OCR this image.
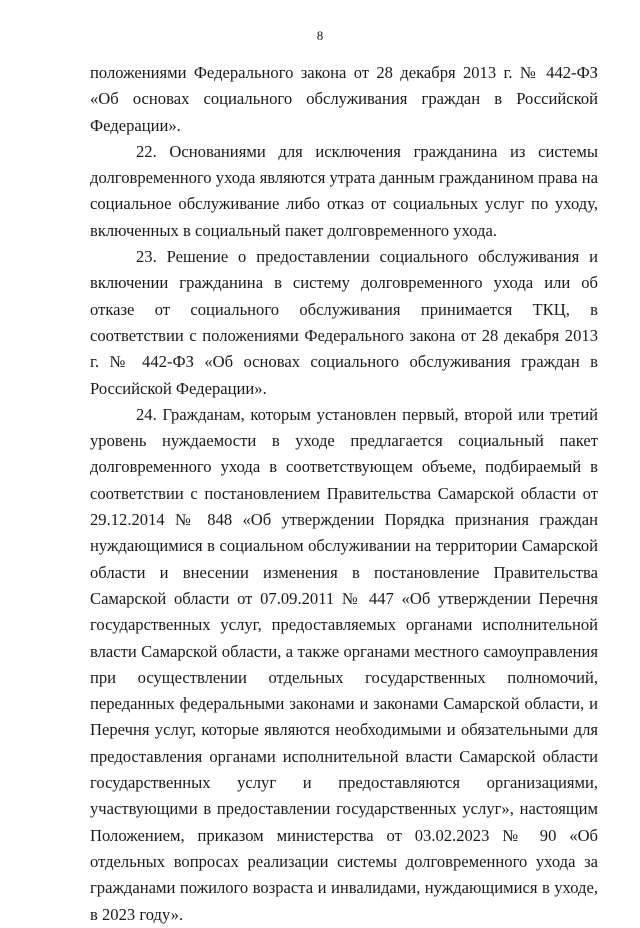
8

положениями Федерального закона от 28 декабря 2013 г. № 442-ФЗ «Об основах социального обслуживания граждан в Российской Федерации».

22. Основаниями для исключения гражданина из системы долговременного ухода являются утрата данным гражданином права на социальное обслуживание либо отказ от социальных услуг по уходу, включенных в социальный пакет долговременного ухода.

23. Решение о предоставлении социального обслуживания и включении гражданина в систему долговременного ухода или об отказе от социального обслуживания принимается ТКЦ, в соответствии с положениями Федерального закона от 28 декабря 2013 г. № 442-ФЗ «Об основах социального обслуживания граждан в Российской Федерации».

24. Гражданам, которым установлен первый, второй или третий уровень нуждаемости в уходе предлагается социальный пакет долговременного ухода в соответствующем объеме, подбираемый в соответствии с постановлением Правительства Самарской области от 29.12.2014 № 848 «Об утверждении Порядка признания граждан нуждающимися в социальном обслуживании на территории Самарской области и внесении изменения в постановление Правительства Самарской области от 07.09.2011 № 447 «Об утверждении Перечня государственных услуг, предоставляемых органами исполнительной власти Самарской области, а также органами местного самоуправления при осуществлении отдельных государственных полномочий, переданных федеральными законами и законами Самарской области, и Перечня услуг, которые являются необходимыми и обязательными для предоставления органами исполнительной власти Самарской области государственных услуг и предоставляются организациями, участвующими в предоставлении государственных услуг», настоящим Положением, приказом министерства от 03.02.2023 № 90 «Об отдельных вопросах реализации системы долговременного ухода за гражданами пожилого возраста и инвалидами, нуждающимися в уходе, в 2023 году».
